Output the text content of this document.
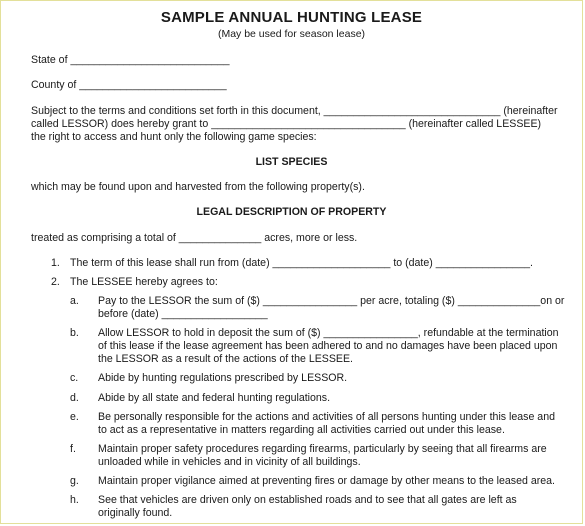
SAMPLE ANNUAL HUNTING LEASE
(May be used for season lease)
State of ___________________________
County of _________________________
Subject to the terms and conditions set forth in this document, ______________________________ (hereinafter
called LESSOR) does hereby grant to _________________________________ (hereinafter called LESSEE)
the right to access and hunt only the following game species:
LIST SPECIES
which may be found upon and harvested from the following property(s).
LEGAL DESCRIPTION OF PROPERTY
treated as comprising a total of ______________ acres, more or less.
1. The term of this lease shall run from (date) ____________________ to (date) ________________.
2. The LESSEE hereby agrees to:
a. Pay to the LESSOR the sum of ($) ________________ per acre, totaling ($) ______________on or
before (date) __________________
b. Allow LESSOR to hold in deposit the sum of ($) ________________, refundable at the termination
of this lease if the lease agreement has been adhered to and no damages have been placed upon
the LESSOR as a result of the actions of the LESSEE.
c. Abide by hunting regulations prescribed by LESSOR.
d. Abide by all state and federal hunting regulations.
e. Be personally responsible for the actions and activities of all persons hunting under this lease and
to act as a representative in matters regarding all activities carried out under this lease.
f. Maintain proper safety procedures regarding firearms, particularly by seeing that all firearms are
unloaded while in vehicles and in vicinity of all buildings.
g. Maintain proper vigilance aimed at preventing fires or damage by other means to the leased area.
h. See that vehicles are driven only on established roads and to see that all gates are left as
originally found.
